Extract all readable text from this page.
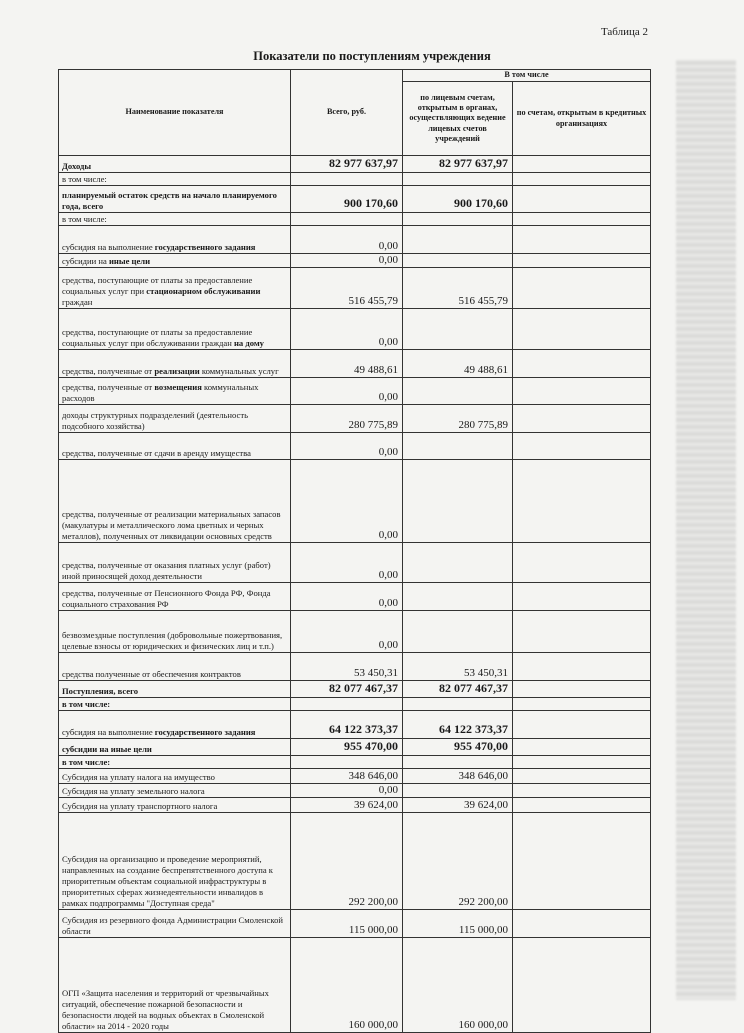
Таблица 2
Показатели по поступлениям учреждения
Наименование показателя	Всего, руб.	В том числе	
		по лицевым счетам, открытым в органах, осуществляющих ведение лицевых счетов учреждений	по счетам, открытым в кредитных организациях
Доходы	82 977 637,97	82 977 637,97	
в том числе:			
планируемый остаток средств на начало планируемого года, всего	900 170,60	900 170,60	
в том числе:			
субсидия на выполнение государственного задания	0,00		
субсидии на иные цели	0,00		
средства, поступающие от платы за предоставление социальных услуг при стационарном обслуживании граждан	516 455,79	516 455,79	
средства, поступающие от платы за предоставление социальных услуг при обслуживании граждан на дому	0,00		
средства, полученные от реализации коммунальных услуг	49 488,61	49 488,61	
средства, полученные от возмещения коммунальных расходов	0,00		
доходы структурных подразделений (деятельность подсобного хозяйства)	280 775,89	280 775,89	
средства, полученные от сдачи в аренду имущества	0,00		
средства, полученные от реализации материальных запасов (макулатуры и металлического лома цветных и черных металлов), полученных от ликвидации основных средств	0,00		
средства, полученные от оказания платных услуг (работ) иной приносящей доход деятельности	0,00		
средства, полученные от Пенсионного Фонда РФ, Фонда социального страхования РФ	0,00		
безвозмездные поступления (добровольные пожертвования, целевые взносы от юридических и физических лиц и т.п.)	0,00		
средства полученные от обеспечения контрактов	53 450,31	53 450,31	
Поступления, всего	82 077 467,37	82 077 467,37	
в том числе:			
субсидия на выполнение государственного задания	64 122 373,37	64 122 373,37	
субсидии на иные цели	955 470,00	955 470,00	
в том числе:			
Субсидия на уплату налога на имущество	348 646,00	348 646,00	
Субсидия на уплату земельного налога	0,00		
Субсидия на уплату транспортного налога	39 624,00	39 624,00	
Субсидия на организацию и проведение мероприятий, направленных на создание беспрепятственного доступа к приоритетным объектам социальной инфраструктуры в приоритетных сферах жизнедеятельности инвалидов в рамках подпрограммы "Доступная среда"	292 200,00	292 200,00	
Субсидия из резервного фонда Администрации Смоленской области	115 000,00	115 000,00	
ОГП «Защита населения и территорий от чрезвычайных ситуаций, обеспечение пожарной безопасности и безопасности людей на водных объектах в Смоленской области» на 2014 - 2020 годы	160 000,00	160 000,00	
